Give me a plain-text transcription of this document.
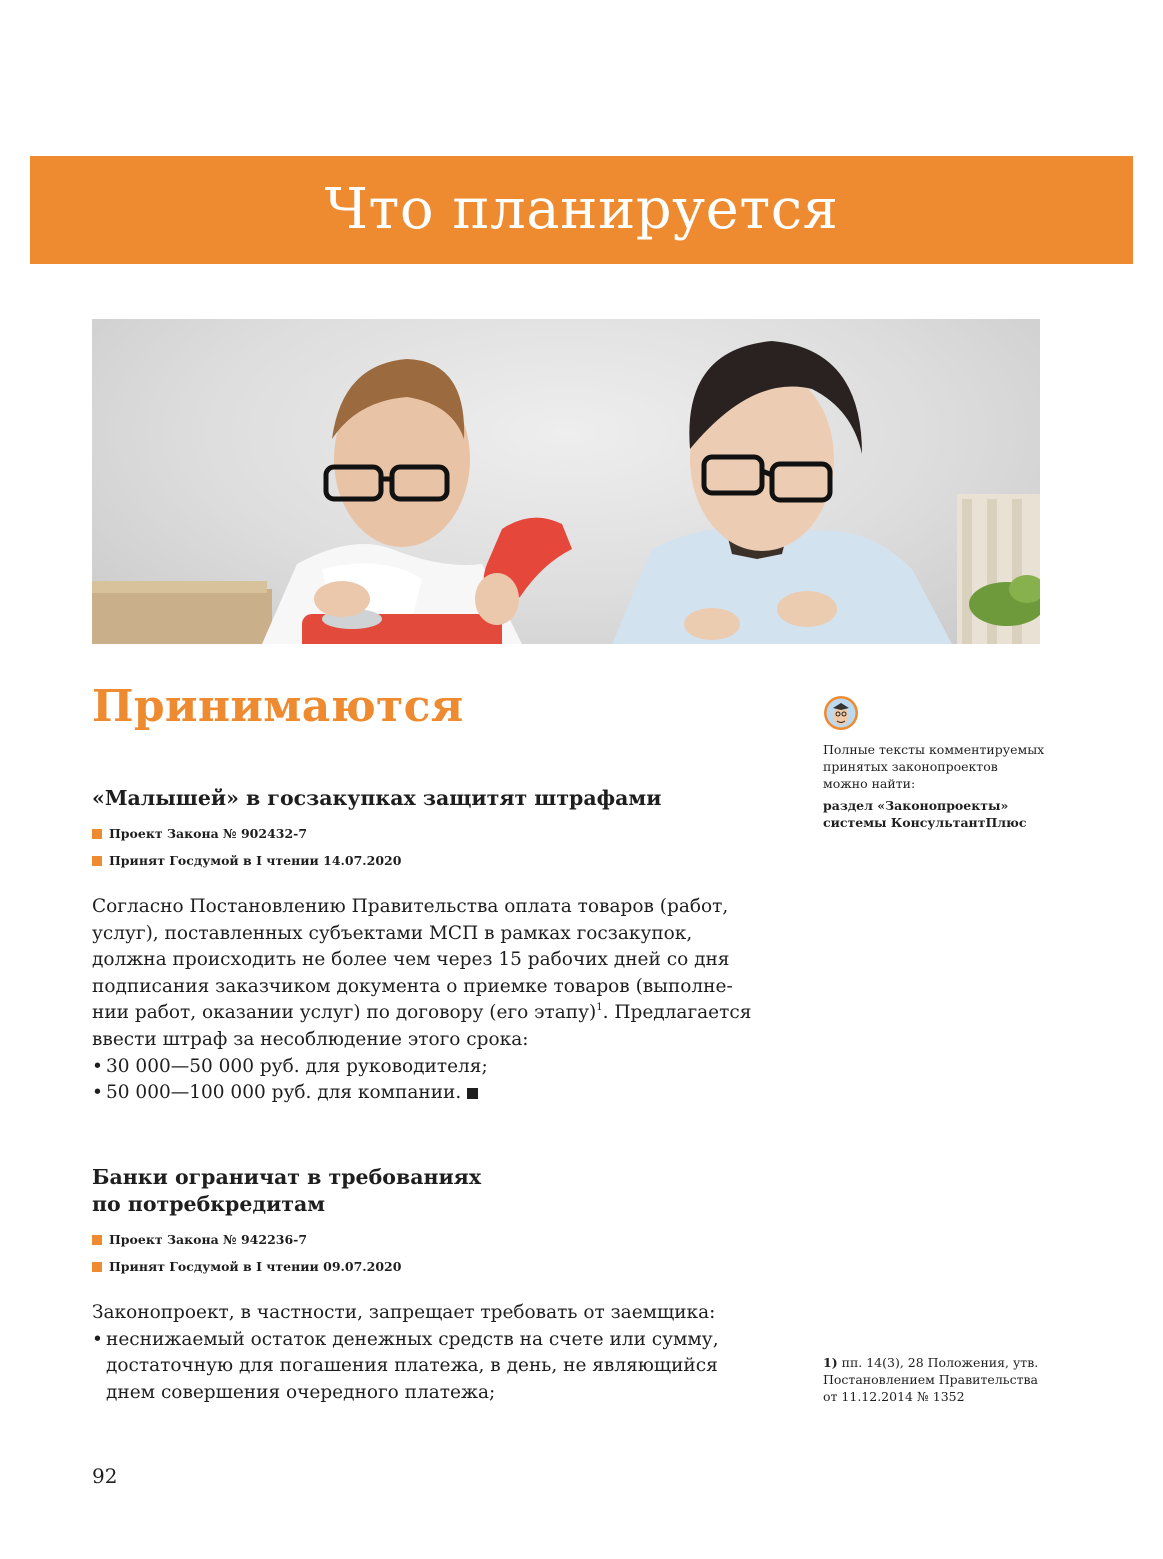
Что планируется
Принимаются
«Малышей» в госзакупках защитят штрафами
Проект Закона № 902432-7
Принят Госдумой в I чтении 14.07.2020
Согласно Постановлению Правительства оплата товаров (работ,
услуг), поставленных субъектами МСП в рамках госзакупок,
должна происходить не более чем через 15 рабочих дней со дня
подписания заказчиком документа о приемке товаров (выполне-
нии работ, оказании услуг) по договору (его этапу)$^1$. Предлагается
ввести штраф за несоблюдение этого срока:
• 30 000—50 000 руб. для руководителя;
• 50 000—100 000 руб. для компании.
Банки ограничат в требованиях
по потребкредитам
Проект Закона № 942236-7
Принят Госдумой в I чтении 09.07.2020
Законопроект, в частности, запрещает требовать от заемщика:
• неснижаемый остаток денежных средств на счете или сумму,
достаточную для погашения платежа, в день, не являющийся
днем совершения очередного платежа;
Полные тексты комментируемых
принятых законопроектов
можно найти:
раздел «Законопроекты»
системы КонсультантПлюс
1) пп. 14(3), 28 Положения, утв.
Постановлением Правительства
от 11.12.2014 № 1352
92
